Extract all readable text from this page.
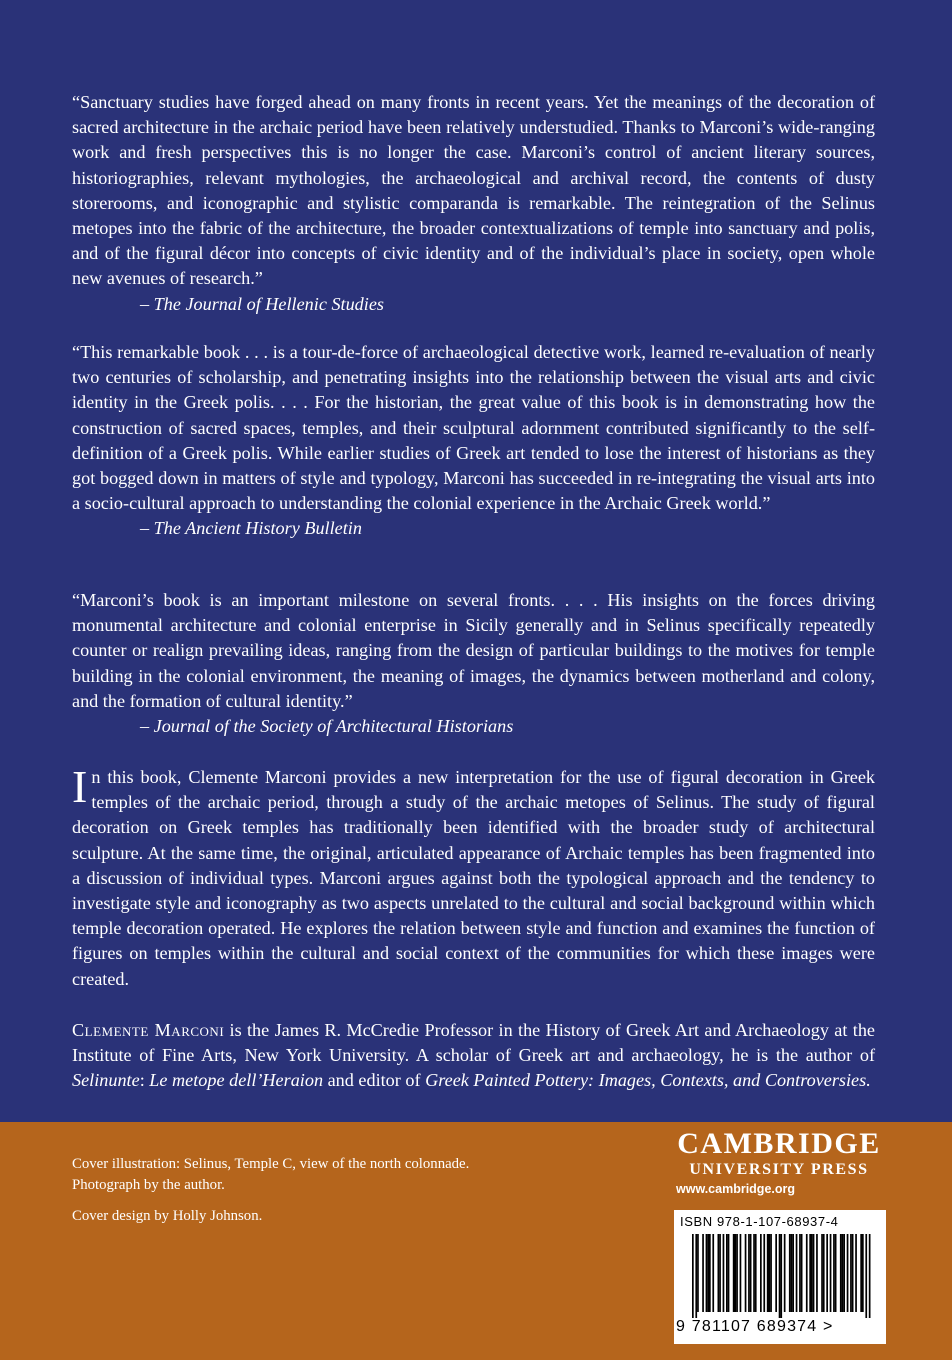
“Sanctuary studies have forged ahead on many fronts in recent years. Yet the meanings of the decoration of sacred architecture in the archaic period have been relatively understudied. Thanks to Marconi’s wide-ranging work and fresh perspectives this is no longer the case. Marconi’s control of ancient literary sources, historiographies, relevant mythologies, the archaeological and archival record, the contents of dusty storerooms, and iconographic and stylistic comparanda is remarkable. The reintegration of the Selinus metopes into the fabric of the architecture, the broader contextualizations of temple into sanctuary and polis, and of the figural décor into concepts of civic identity and of the individual’s place in society, open whole new avenues of research.”

– The Journal of Hellenic Studies

“This remarkable book . . . is a tour-de-force of archaeological detective work, learned re-evaluation of nearly two centuries of scholarship, and penetrating insights into the relationship between the visual arts and civic identity in the Greek polis. . . . For the historian, the great value of this book is in demonstrating how the construction of sacred spaces, temples, and their sculptural adornment contributed significantly to the self-definition of a Greek polis. While earlier studies of Greek art tended to lose the interest of historians as they got bogged down in matters of style and typology, Marconi has succeeded in re-integrating the visual arts into a socio-cultural approach to understanding the colonial experience in the Archaic Greek world.”

– The Ancient History Bulletin

“Marconi’s book is an important milestone on several fronts. . . . His insights on the forces driving monumental architecture and colonial enterprise in Sicily generally and in Selinus specifically repeatedly counter or realign prevailing ideas, ranging from the design of particular buildings to the motives for temple building in the colonial environment, the meaning of images, the dynamics between motherland and colony, and the formation of cultural identity.”

– Journal of the Society of Architectural Historians

In this book, Clemente Marconi provides a new interpretation for the use of figural decoration in Greek temples of the archaic period, through a study of the archaic metopes of Selinus. The study of figural decoration on Greek temples has traditionally been identified with the broader study of architectural sculpture. At the same time, the original, articulated appearance of Archaic temples has been fragmented into a discussion of individual types. Marconi argues against both the typological approach and the tendency to investigate style and iconography as two aspects unrelated to the cultural and social background within which temple decoration operated. He explores the relation between style and function and examines the function of figures on temples within the cultural and social context of the communities for which these images were created.

Clemente Marconi is the James R. McCredie Professor in the History of Greek Art and Archaeology at the Institute of Fine Arts, New York University. A scholar of Greek art and archaeology, he is the author of Selinunte: Le metope dell’Heraion and editor of Greek Painted Pottery: Images, Contexts, and Controversies.

Cover illustration: Selinus, Temple C, view of the north colonnade.
Photograph by the author.
Cover design by Holly Johnson.
CAMBRIDGE
UNIVERSITY PRESS
www.cambridge.org
ISBN 978-1-107-68937-4
9 781107 689374 >
